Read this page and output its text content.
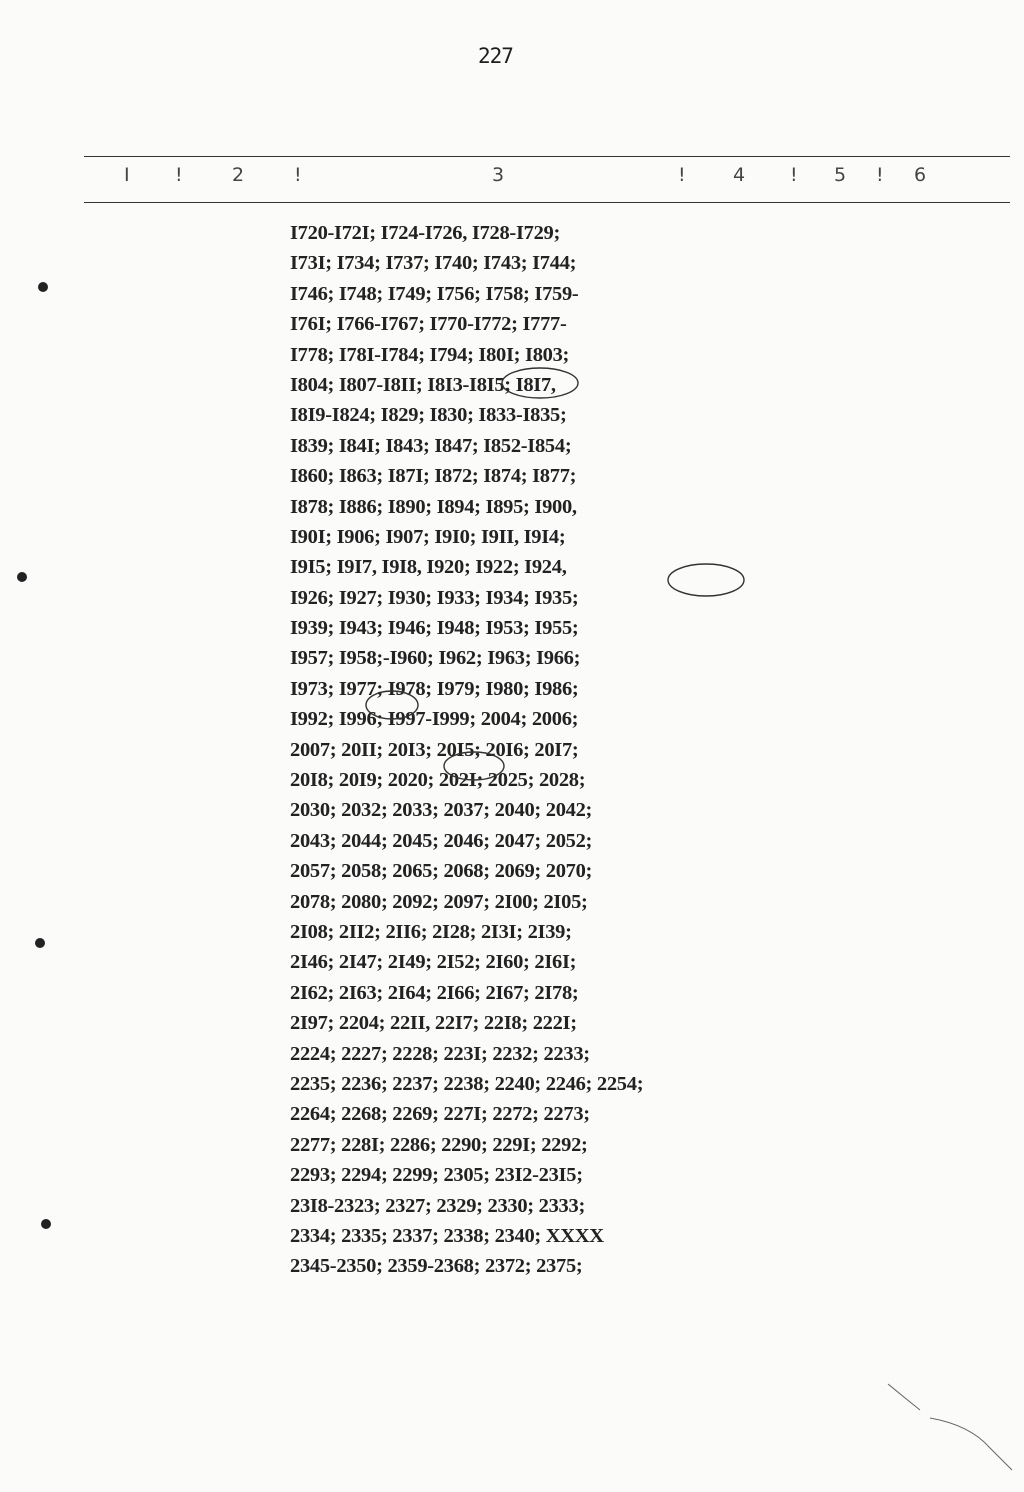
227
I !	2	!	3	! 4 ! 5 ! 6
I720-I72I; I724-I726, I728-I729;
I73I; I734; I737; I740; I743; I744;
I746; I748; I749; I756; I758; I759-
I76I; I766-I767; I770-I772; I777-
I778; I78I-I784; I794; I80I; I803;
I804; I807-I8II; I8I3-I8I5; I8I7,
I8I9-I824; I829; I830; I833-I835;
I839; I84I; I843; I847; I852-I854;
I860; I863; I87I; I872; I874; I877;
I878; I886; I890; I894; I895; I900,
I90I; I906; I907; I9I0; I9II, I9I4;
I9I5; I9I7, I9I8, I920; I922; I924,
I926; I927; I930; I933; I934; I935;
I939; I943; I946; I948; I953; I955;
I957; I958;-I960; I962; I963; I966;
I973; I977; I978; I979; I980; I986;
I992; I996; I997-I999; 2004; 2006;
2007; 20II; 20I3; 20I5; 20I6; 20I7;
20I8; 20I9; 2020; 202I; 2025; 2028;
2030; 2032; 2033; 2037; 2040; 2042;
2043; 2044; 2045; 2046; 2047; 2052;
2057; 2058; 2065; 2068; 2069; 2070;
2078; 2080; 2092; 2097; 2I00; 2I05;
2I08; 2II2; 2II6; 2I28; 2I3I; 2I39;
2I46; 2I47; 2I49; 2I52; 2I60; 2I6I;
2I62; 2I63; 2I64; 2I66; 2I67; 2I78;
2I97; 2204; 22II, 22I7; 22I8; 222I;
2224; 2227; 2228; 223I; 2232; 2233;
2235; 2236; 2237; 2238; 2240; 2246; 2254;
2264; 2268; 2269; 227I; 2272; 2273;
2277; 228I; 2286; 2290; 229I; 2292;
2293; 2294; 2299; 2305; 23I2-23I5;
23I8-2323; 2327; 2329; 2330; 2333;
2334; 2335; 2337; 2338; 2340; XXXX
2345-2350; 2359-2368; 2372; 2375;
